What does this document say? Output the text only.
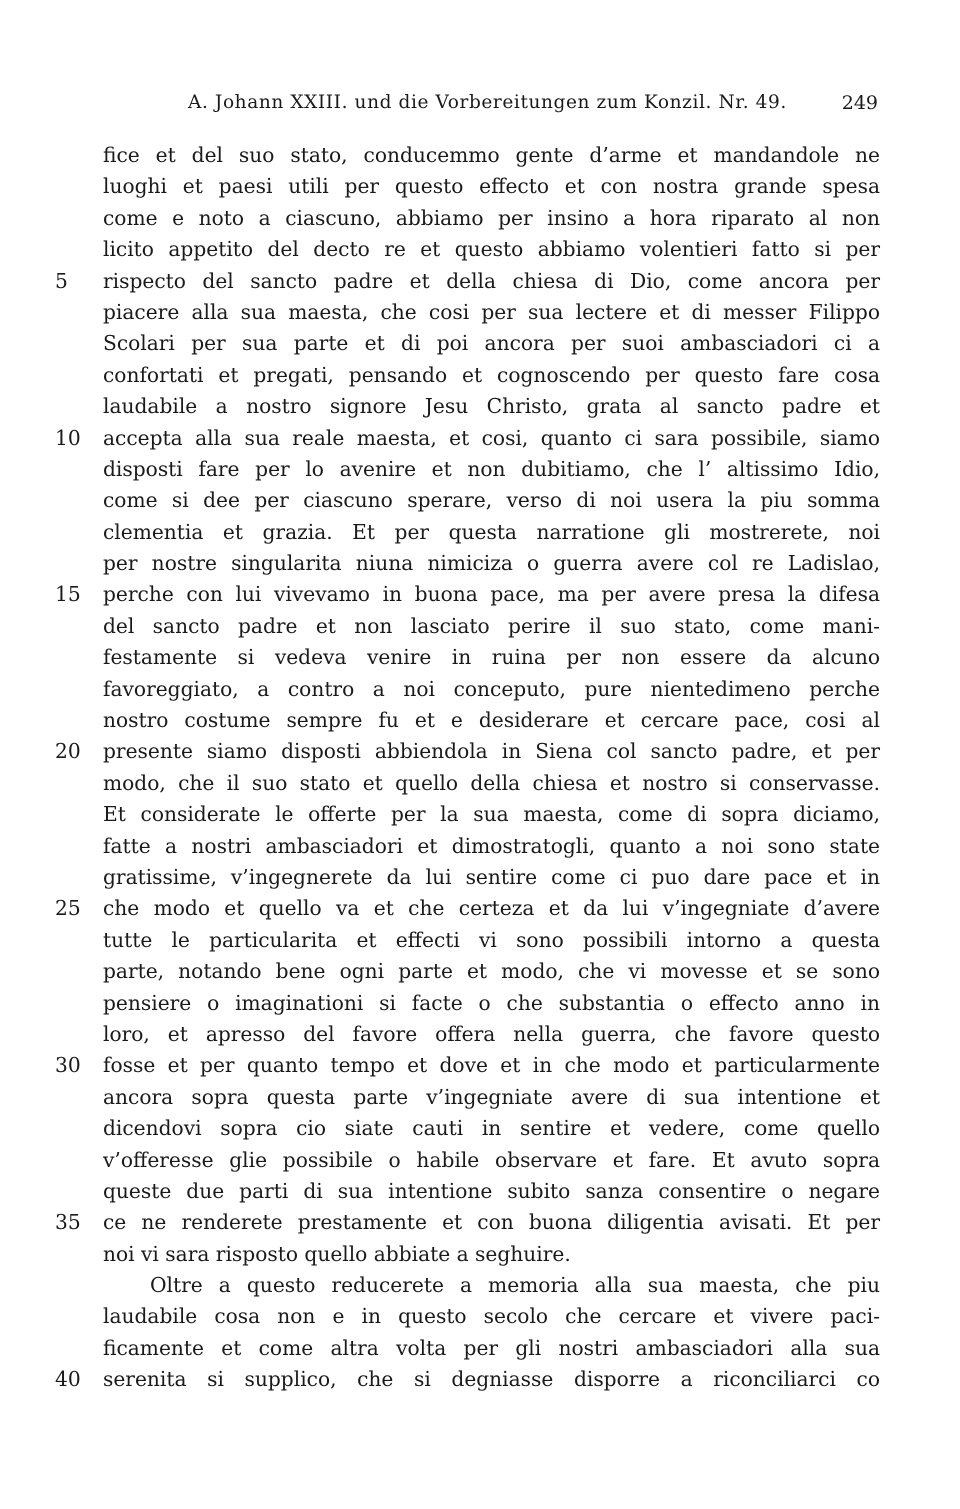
A. Johann XXIII. und die Vorbereitungen zum Konzil. Nr. 49.	249
fice et del suo stato, conducemmo gente d’arme et mandandole ne
luoghi et paesi utili per questo effecto et con nostra grande spesa
come e noto a ciascuno, abbiamo per insino a hora riparato al non
licito appetito del decto re et questo abbiamo volentieri fatto si per
5	rispecto del sancto padre et della chiesa di Dio, come ancora per
piacere alla sua maesta, che cosi per sua lectere et di messer Filippo
Scolari per sua parte et di poi ancora per suoi ambasciadori ci a
confortati et pregati, pensando et cognoscendo per questo fare cosa
laudabile a nostro signore Jesu Christo, grata al sancto padre et
10	accepta alla sua reale maesta, et cosi, quanto ci sara possibile, siamo
disposti fare per lo avenire et non dubitiamo, che l’ altissimo Idio,
come si dee per ciascuno sperare, verso di noi usera la piu somma
clementia et grazia. Et per questa narratione gli mostrerete, noi
per nostre singularita niuna nimiciza o guerra avere col re Ladislao,
15	perche con lui vivevamo in buona pace, ma per avere presa la difesa
del sancto padre et non lasciato perire il suo stato, come mani-
festamente si vedeva venire in ruina per non essere da alcuno
favoreggiato, a contro a noi conceputo, pure nientedimeno perche
nostro costume sempre fu et e desiderare et cercare pace, cosi al
20	presente siamo disposti abbiendola in Siena col sancto padre, et per
modo, che il suo stato et quello della chiesa et nostro si conservasse.
Et considerate le offerte per la sua maesta, come di sopra diciamo,
fatte a nostri ambasciadori et dimostratogli, quanto a noi sono state
gratissime, v’ingegnerete da lui sentire come ci puo dare pace et in
25	che modo et quello va et che certeza et da lui v’ingegniate d’avere
tutte le particularita et effecti vi sono possibili intorno a questa
parte, notando bene ogni parte et modo, che vi movesse et se sono
pensiere o imaginationi si facte o che substantia o effecto anno in
loro, et apresso del favore offera nella guerra, che favore questo
30	fosse et per quanto tempo et dove et in che modo et particularmente
ancora sopra questa parte v’ingegniate avere di sua intentione et
dicendovi sopra cio siate cauti in sentire et vedere, come quello
v’offeresse glie possibile o habile observare et fare. Et avuto sopra
queste due parti di sua intentione subito sanza consentire o negare
35	ce ne renderete prestamente et con buona diligentia avisati. Et per
noi vi sara risposto quello abbiate a seghuire.
Oltre a questo reducerete a memoria alla sua maesta, che piu
laudabile cosa non e in questo secolo che cercare et vivere paci-
ficamente et come altra volta per gli nostri ambasciadori alla sua
40	serenita si supplico, che si degniasse disporre a riconciliarci co
